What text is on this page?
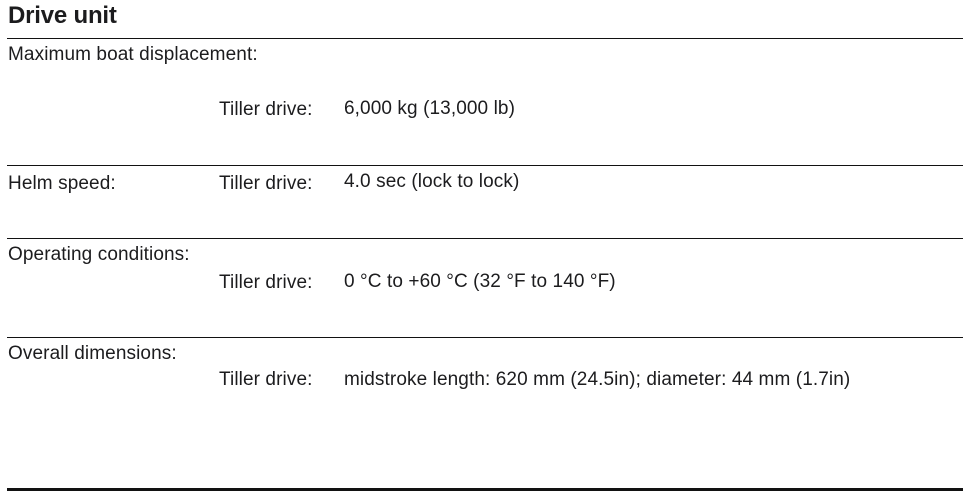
Drive unit
Maximum boat displacement:
Tiller drive: 6,000 kg (13,000 lb)
Helm speed:	Tiller drive: 4.0 sec (lock to lock)
Operating conditions:
Tiller drive: 0 °C to +60 °C (32 °F to 140 °F)
Overall dimensions:
Tiller drive: midstroke length: 620 mm (24.5in); diameter: 44 mm (1.7in)
